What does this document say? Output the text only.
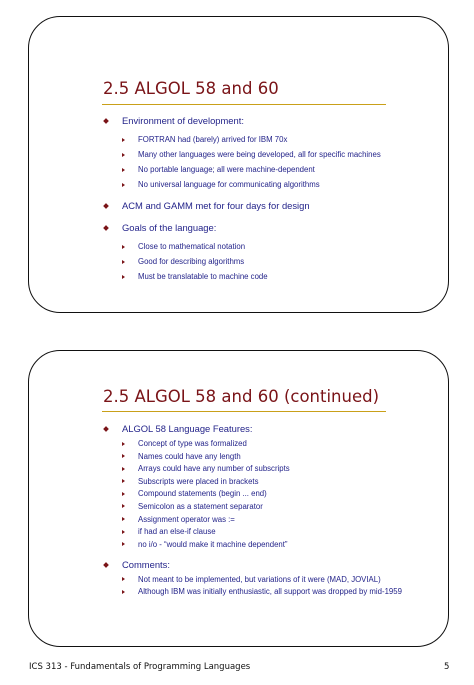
2.5 ALGOL 58 and 60
Environment of development:
FORTRAN had (barely) arrived for IBM 70x
Many other languages were being developed, all for specific machines
No portable language; all were machine-dependent
No universal language for communicating algorithms
ACM and GAMM met for four days for design
Goals of the language:
Close to mathematical notation
Good for describing algorithms
Must be translatable to machine code
2.5 ALGOL 58 and 60 (continued)
ALGOL 58 Language Features:
Concept of type was formalized
Names could have any length
Arrays could have any number of subscripts
Subscripts were placed in brackets
Compound statements (begin ... end)
Semicolon as a statement separator
Assignment operator was :=
if had an else-if clause
no i/o - “would make it machine dependent”
Comments:
Not meant to be implemented, but variations of it were (MAD, JOVIAL)
Although IBM was initially enthusiastic, all support was dropped by mid-1959
ICS 313 - Fundamentals of Programming Languages	5
